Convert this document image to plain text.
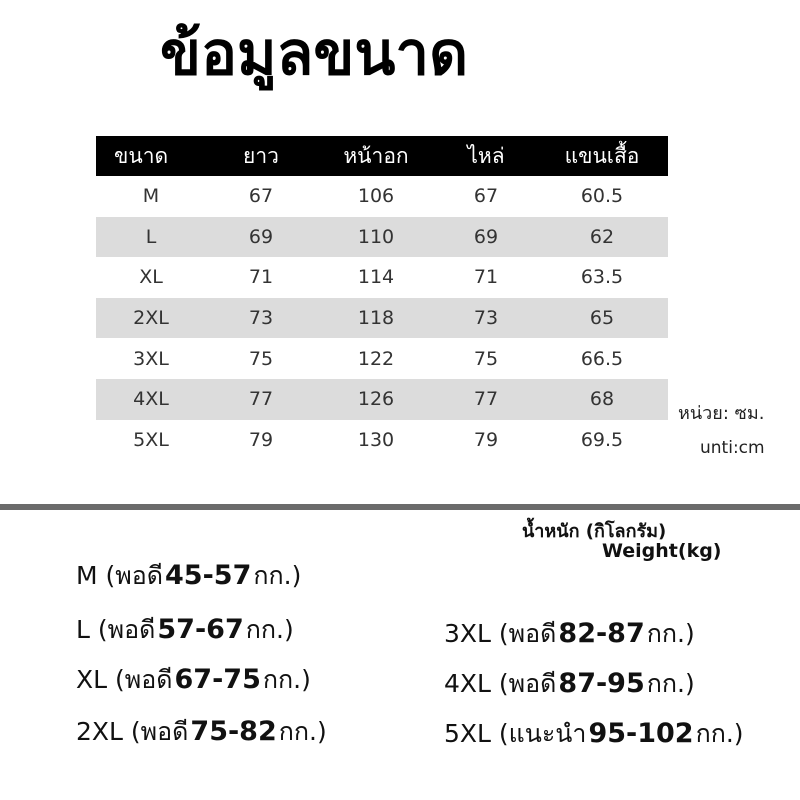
ข้อมูลขนาด
ขนาด	ยาว	หน้าอก	ไหล่	แขนเสื้อ
M	67	106	67	60.5
L	69	110	69	62
XL	71	114	71	63.5
2XL	73	118	73	65
3XL	75	122	75	66.5
4XL	77	126	77	68
5XL	79	130	79	69.5
หน่วย: ซม.
unti:cm
น้ำหนัก (กิโลกรัม)
Weight(kg)
M (พอดี45-57กก.)
L (พอดี57-67กก.)
XL (พอดี67-75กก.)
2XL (พอดี75-82กก.)
3XL (พอดี82-87กก.)
4XL (พอดี87-95กก.)
5XL (แนะนำ95-102กก.)
